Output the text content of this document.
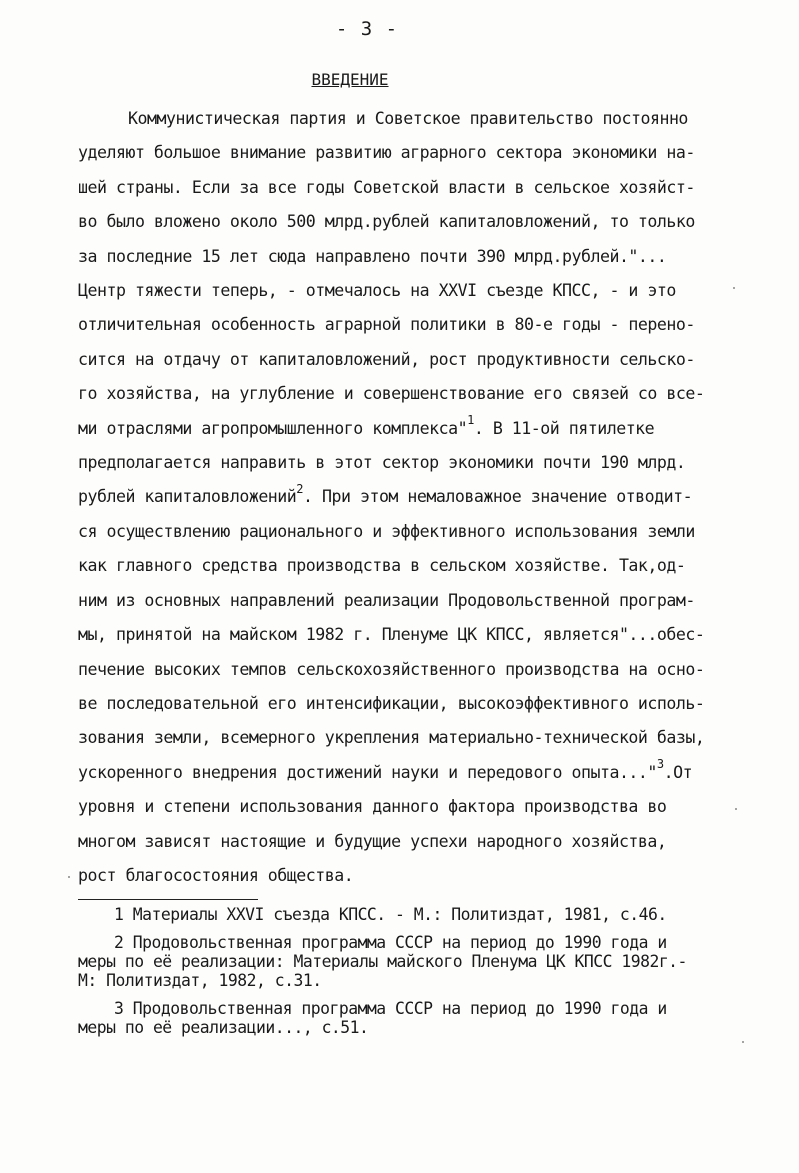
- 3 -
ВВЕДЕНИЕ
Коммунистическая партия и Советское правительство постоянно
уделяют большое внимание развитию аграрного сектора экономики на-
шей страны. Если за все годы Советской власти в сельское хозяйст-
во было вложено около 500 млрд.рублей капиталовложений, то только
за последние 15 лет сюда направлено почти 390 млрд.рублей."...
Центр тяжести теперь, - отмечалось на XXVI съезде КПСС, - и это
отличительная особенность аграрной политики в 80-е годы - перено-
сится на отдачу от капиталовложений, рост продуктивности сельско-
го хозяйства, на углубление и совершенствование его связей со все-
ми отраслями агропромышленного комплекса"$^1$. В 11-ой пятилетке
предполагается направить в этот сектор экономики почти 190 млрд.
рублей капиталовложений$^2$. При этом немаловажное значение отводит-
ся осуществлению рационального и эффективного использования земли
как главного средства производства в сельском хозяйстве. Так,од-
ним из основных направлений реализации Продовольственной програм-
мы, принятой на майском 1982 г. Пленуме ЦК КПСС, является"...обес-
печение высоких темпов сельскохозяйственного производства на осно-
ве последовательной его интенсификации, высокоэффективного исполь-
зования земли, всемерного укрепления материально-технической базы,
ускоренного внедрения достижений науки и передового опыта..."$^3$.От
уровня и степени использования данного фактора производства во
многом зависят настоящие и будущие успехи народного хозяйства,
рост благосостояния общества.
1 Материалы XXVI съезда КПСС. - М.: Политиздат, 1981, с.46.
2 Продовольственная программа СССР на период до 1990 года и
меры по её реализации: Материалы майского Пленума ЦК КПСС 1982г.-
М: Политиздат, 1982, с.31.
3 Продовольственная программа СССР на период до 1990 года и
меры по её реализации..., с.51.
